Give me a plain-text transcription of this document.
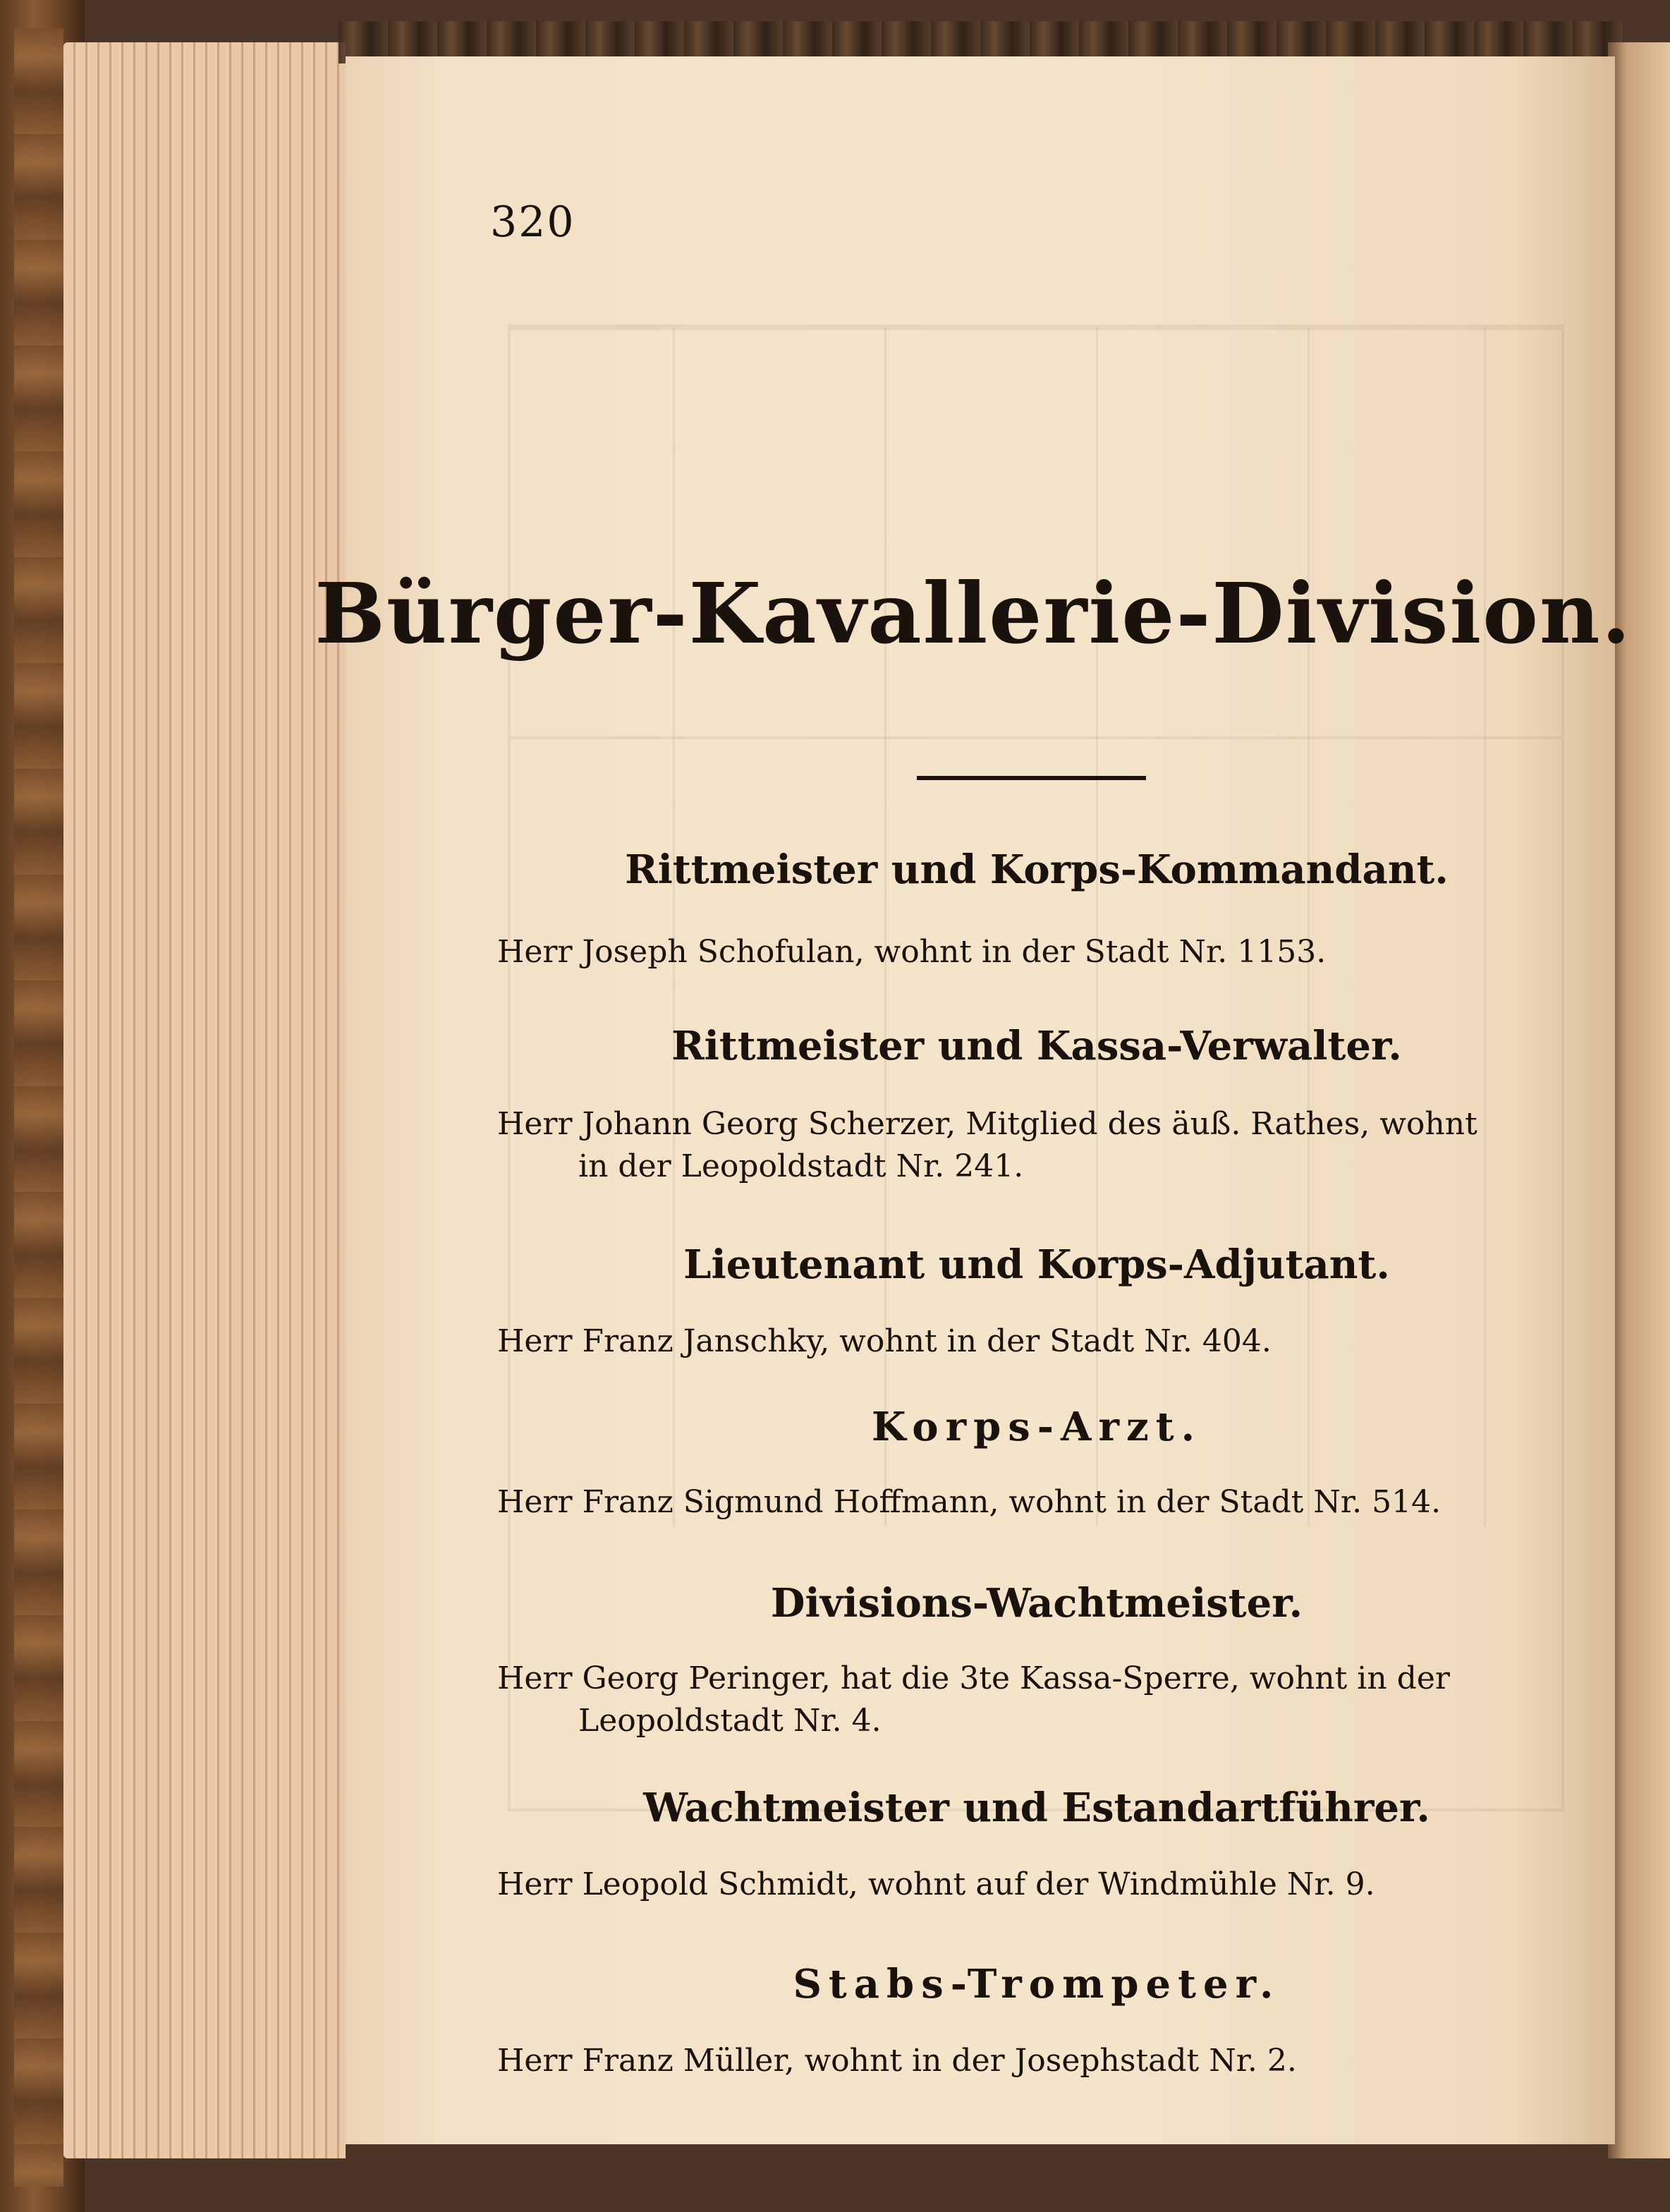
320
Bürger-Kavallerie-Division.
Rittmeister und Korps-Kommandant.
Herr Joseph Schofulan, wohnt in der Stadt Nr. 1153.
Rittmeister und Kassa-Verwalter.
Herr Johann Georg Scherzer, Mitglied des äuß. Rathes, wohnt
in der Leopoldstadt Nr. 241.
Lieutenant und Korps-Adjutant.
Herr Franz Janschky, wohnt in der Stadt Nr. 404.
Korps-Arzt.
Herr Franz Sigmund Hoffmann, wohnt in der Stadt Nr. 514.
Divisions-Wachtmeister.
Herr Georg Peringer, hat die 3te Kassa-Sperre, wohnt in der
Leopoldstadt Nr. 4.
Wachtmeister und Estandartführer.
Herr Leopold Schmidt, wohnt auf der Windmühle Nr. 9.
Stabs-Trompeter.
Herr Franz Müller, wohnt in der Josephstadt Nr. 2.
